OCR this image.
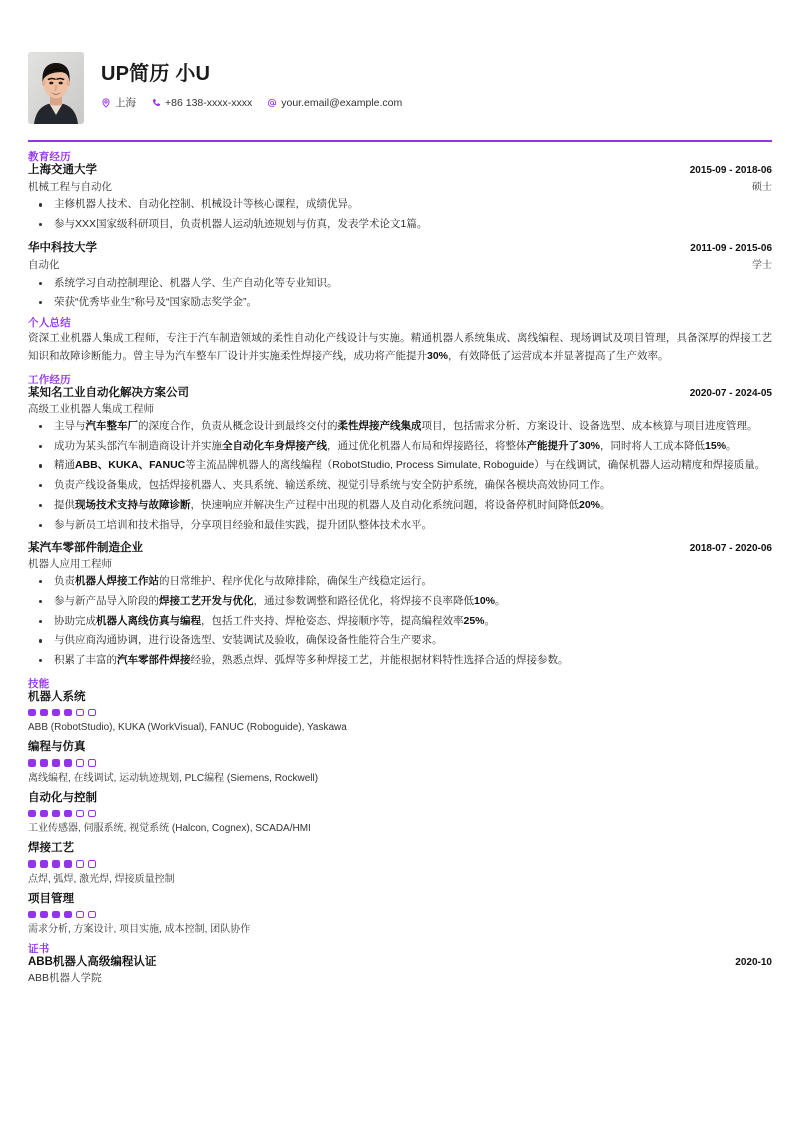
UP简历 小U
上海	+86 138-xxxx-xxxx	your.email@example.com
教育经历
上海交通大学	2015-09 - 2018-06
机械工程与自动化	硕士
主修机器人技术、自动化控制、机械设计等核心课程，成绩优异。
参与XXX国家级科研项目，负责机器人运动轨迹规划与仿真，发表学术论文1篇。
华中科技大学	2011-09 - 2015-06
自动化	学士
系统学习自动控制理论、机器人学、生产自动化等专业知识。
荣获“优秀毕业生”称号及“国家励志奖学金”。
个人总结
资深工业机器人集成工程师，专注于汽车制造领域的柔性自动化产线设计与实施。精通机器人系统集成、离线编程、现场调试及项目管理，具备深厚的焊接工艺知识和故障诊断能力。曾主导为汽车整车厂设计并实施柔性焊接产线，成功将产能提升30%，有效降低了运营成本并显著提高了生产效率。
工作经历
某知名工业自动化解决方案公司	2020-07 - 2024-05
高级工业机器人集成工程师
主导与汽车整车厂的深度合作，负责从概念设计到最终交付的柔性焊接产线集成项目，包括需求分析、方案设计、设备选型、成本核算与项目进度管理。
成功为某头部汽车制造商设计并实施全自动化车身焊接产线，通过优化机器人布局和焊接路径，将整体产能提升了30%，同时将人工成本降低15%。
精通ABB、KUKA、FANUC等主流品牌机器人的离线编程（RobotStudio, Process Simulate, Roboguide）与在线调试，确保机器人运动精度和焊接质量。
负责产线设备集成，包括焊接机器人、夹具系统、输送系统、视觉引导系统与安全防护系统，确保各模块高效协同工作。
提供现场技术支持与故障诊断，快速响应并解决生产过程中出现的机器人及自动化系统问题，将设备停机时间降低20%。
参与新员工培训和技术指导，分享项目经验和最佳实践，提升团队整体技术水平。
某汽车零部件制造企业	2018-07 - 2020-06
机器人应用工程师
负责机器人焊接工作站的日常维护、程序优化与故障排除，确保生产线稳定运行。
参与新产品导入阶段的焊接工艺开发与优化，通过参数调整和路径优化，将焊接不良率降低10%。
协助完成机器人离线仿真与编程，包括工件夹持、焊枪姿态、焊接顺序等，提高编程效率25%。
与供应商沟通协调，进行设备选型、安装调试及验收，确保设备性能符合生产要求。
积累了丰富的汽车零部件焊接经验，熟悉点焊、弧焊等多种焊接工艺，并能根据材料特性选择合适的焊接参数。
技能
机器人系统
ABB (RobotStudio), KUKA (WorkVisual), FANUC (Roboguide), Yaskawa
编程与仿真
离线编程, 在线调试, 运动轨迹规划, PLC编程 (Siemens, Rockwell)
自动化与控制
工业传感器, 伺服系统, 视觉系统 (Halcon, Cognex), SCADA/HMI
焊接工艺
点焊, 弧焊, 激光焊, 焊接质量控制
项目管理
需求分析, 方案设计, 项目实施, 成本控制, 团队协作
证书
ABB机器人高级编程认证	2020-10
ABB机器人学院
